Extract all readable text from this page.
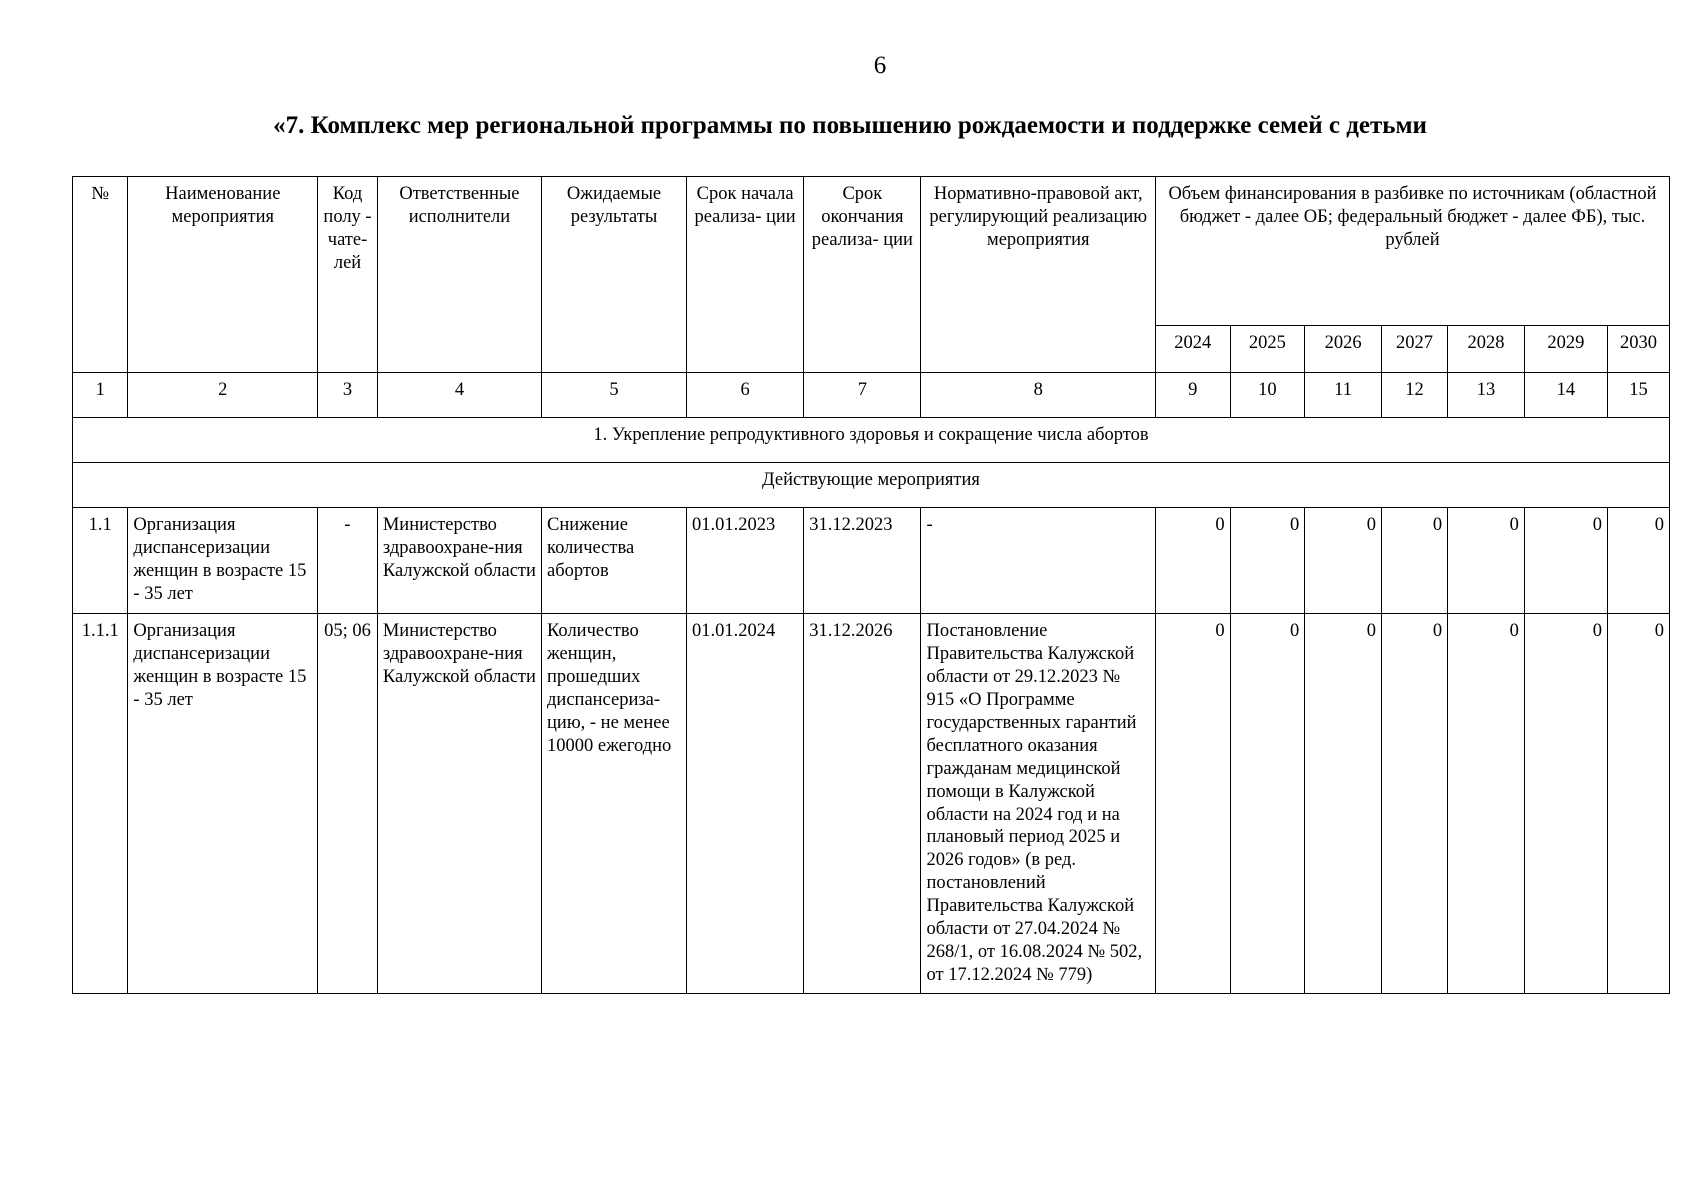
6
«7. Комплекс мер региональной программы по повышению рождаемости и поддержке семей с детьми
№	Наименование мероприятия	Код полу - чате- лей	Ответственные исполнители	Ожидаемые результаты	Срок начала реализа- ции	Срок окончания реализа- ции	Нормативно-правовой акт, регулирующий реализацию мероприятия	Объем финансирования в разбивке по источникам (областной бюджет - далее ОБ; федеральный бюджет - далее ФБ), тыс. рублей						
								2024	2025	2026	2027	2028	2029	2030
1	2	3	4	5	6	7	8	9	10	11	12	13	14	15
1. Укрепление репродуктивного здоровья и сокращение числа абортов														
Действующие мероприятия														
1.1	Организация диспансеризации женщин в возрасте 15 - 35 лет	-	Министерство здравоохране-ния Калужской области	Снижение количества абортов	01.01.2023	31.12.2023	-	0	0	0	0	0	0	0
1.1.1	Организация диспансеризации женщин в возрасте 15 - 35 лет	05; 06	Министерство здравоохране-ния Калужской области	Количество женщин, прошедших диспансериза- цию, - не менее 10000 ежегодно	01.01.2024	31.12.2026	Постановление Правительства Калужской области от 29.12.2023 № 915 «О Программе государственных гарантий бесплатного оказания гражданам медицинской помощи в Калужской области на 2024 год и на плановый период 2025 и 2026 годов» (в ред. постановлений Правительства Калужской области от 27.04.2024 № 268/1, от 16.08.2024 № 502, от 17.12.2024 № 779)	0	0	0	0	0	0	0
